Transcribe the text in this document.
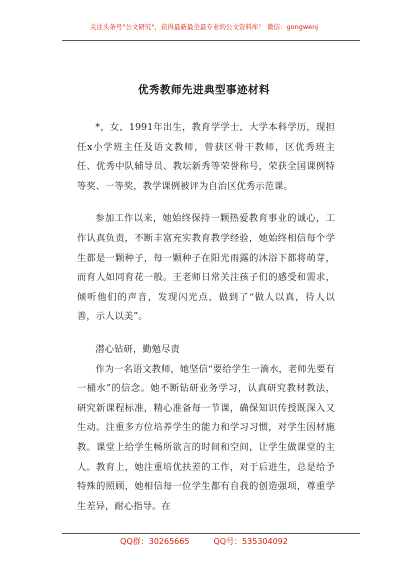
关注头条号"公文研究"，获得最新最全最专业的公文资料库！ 微信：gongwenj
优秀教师先进典型事迹材料

*，女，1991年出生，教育学学士，大学本科学历，现担任x小学班主任及语文教师，曾获区骨干教师，区优秀班主任、优秀中队辅导员、教坛新秀等荣誉称号，荣获全国课例特等奖、一等奖，教学课例被评为自治区优秀示范课。

参加工作以来，她始终保持一颗热爱教育事业的诚心，工作认真负责，不断丰富充实教育教学经验，她始终相信每个学生都是一颗种子，每一颗种子在阳光雨露的沐浴下都将萌芽，而育人如同育花一般。王老师日常关注孩子们的感受和需求，倾听他们的声音，发现闪光点，做到了“做人以真，待人以善，示人以美”。

潜心钻研，勤勉尽责

作为一名语文教师，她坚信“要给学生一滴水，老师先要有一桶水”的信念。她不断钻研业务学习，认真研究教材教法，研究新课程标准，精心准备每一节课，确保知识传授既深入又生动。注重多方位培养学生的能力和学习习惯，对学生因材施教。课堂上给学生畅所欲言的时间和空间，让学生做课堂的主人。教育上，她注重培优扶差的工作，对于后进生，总是给予特殊的照顾，她相信每一位学生都有自我的创造强项，尊重学生差异，耐心指导。在

QQ群：30265665	QQ号：535304092
